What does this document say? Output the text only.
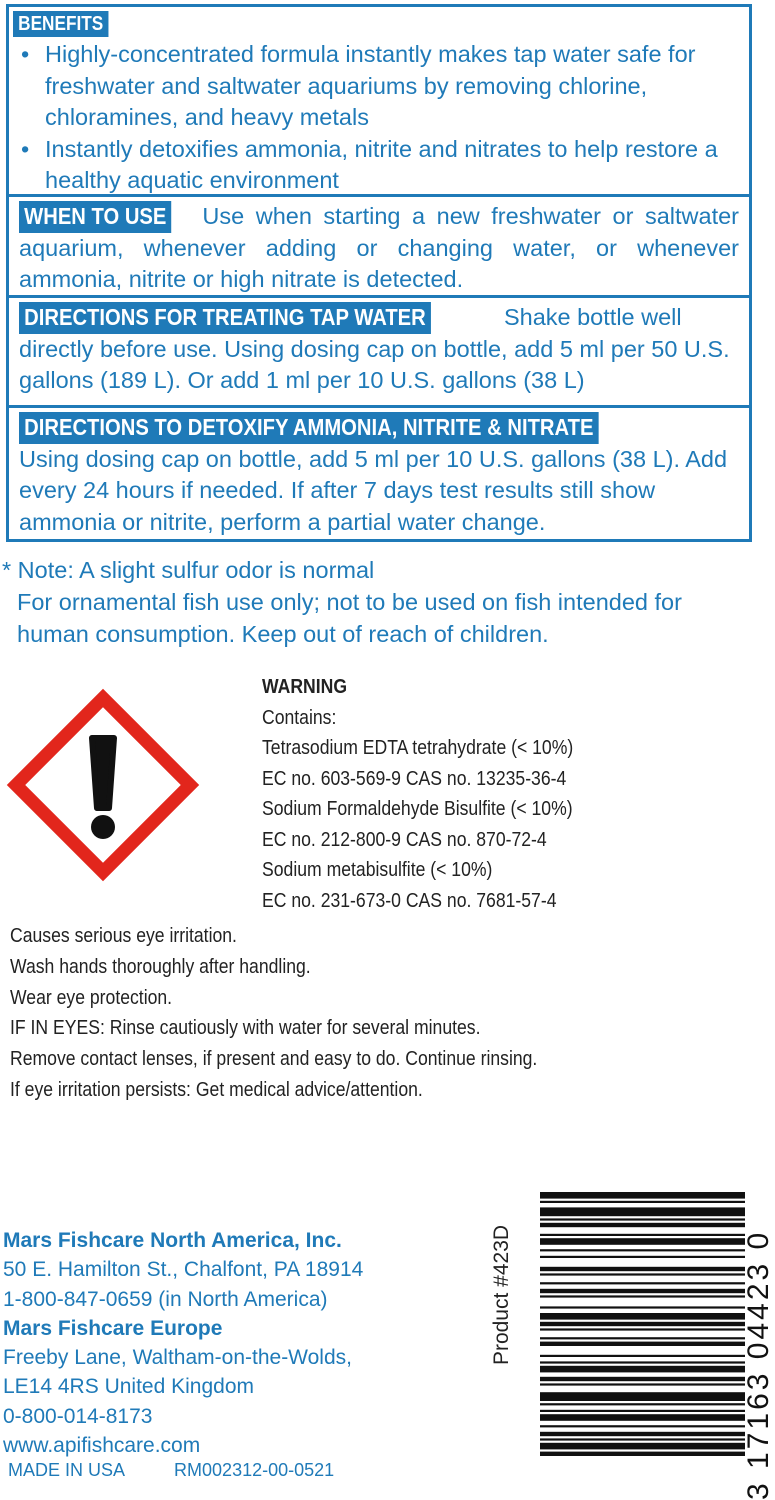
BENEFITS
• Highly-concentrated formula instantly makes tap water safe for freshwater and saltwater aquariums by removing chlorine, chloramines, and heavy metals
• Instantly detoxifies ammonia, nitrite and nitrates to help restore a healthy aquatic environment
WHEN TO USE Use when starting a new freshwater or saltwater aquarium, whenever adding or changing water, or whenever ammonia, nitrite or high nitrate is detected.
DIRECTIONS FOR TREATING TAP WATER	Shake bottle well directly before use. Using dosing cap on bottle, add 5 ml per 50 U.S. gallons (189 L). Or add 1 ml per 10 U.S. gallons (38 L)
DIRECTIONS TO DETOXIFY AMMONIA, NITRITE & NITRATEUsing dosing cap on bottle, add 5 ml per 10 U.S. gallons (38 L). Add every 24 hours if needed. If after 7 days test results still show ammonia or nitrite, perform a partial water change.
* Note: A slight sulfur odor is normal
For ornamental fish use only; not to be used on fish intended for
human consumption. Keep out of reach of children.
WARNING
Contains:
Tetrasodium EDTA tetrahydrate (< 10%)
EC no. 603-569-9 CAS no. 13235-36-4
Sodium Formaldehyde Bisulfite (< 10%)
EC no. 212-800-9 CAS no. 870-72-4
Sodium metabisulfite (< 10%)
EC no. 231-673-0 CAS no. 7681-57-4
Causes serious eye irritation.
Wash hands thoroughly after handling.
Wear eye protection.
IF IN EYES: Rinse cautiously with water for several minutes.
Remove contact lenses, if present and easy to do. Continue rinsing.
If eye irritation persists: Get medical advice/attention.
Mars Fishcare North America, Inc.
50 E. Hamilton St., Chalfont, PA 18914
1-800-847-0659 (in North America)
Mars Fishcare Europe
Freeby Lane, Waltham-on-the-Wolds,
LE14 4RS United Kingdom
0-800-014-8173
www.apifishcare.com
MADE IN USA	RM002312-00-0521
Product #423D	3 17163 04423 0
